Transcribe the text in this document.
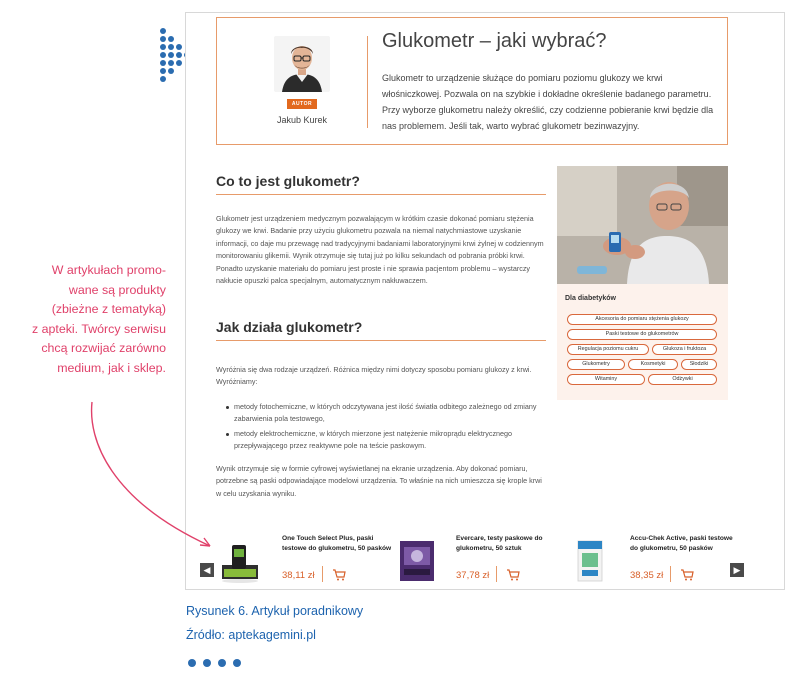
AUTOR
Jakub Kurek
Glukometr – jaki wybrać?
Glukometr to urządzenie służące do pomiaru poziomu glukozy we krwi włośniczkowej. Pozwala on na szybkie i dokładne określenie badanego parametru. Przy wyborze glukometru należy określić, czy codzienne pobieranie krwi będzie dla nas problemem. Jeśli tak, warto wybrać glukometr bezinwazyjny.
Co to jest glukometr?
Glukometr jest urządzeniem medycznym pozwalającym w krótkim czasie dokonać pomiaru stężenia glukozy we krwi. Badanie przy użyciu glukometru pozwala na niemal natychmiastowe uzyskanie informacji, co daje mu przewagę nad tradycyjnymi badaniami laboratoryjnymi krwi żylnej w codziennym monitorowaniu glikemii. Wynik otrzymuje się tutaj już po kilku sekundach od pobrania próbki krwi. Ponadto uzyskanie materiału do pomiaru jest proste i nie sprawia pacjentom problemu – wystarczy nakłucie opuszki palca specjalnym, automatycznym nakłuwaczem.
Jak działa glukometr?
Wyróżnia się dwa rodzaje urządzeń. Różnica między nimi dotyczy sposobu pomiaru glukozy z krwi. Wyróżniamy:
metody fotochemiczne, w których odczytywana jest ilość światła odbitego zależnego od zmiany zabarwienia pola testowego,
metody elektrochemiczne, w których mierzone jest natężenie mikroprądu elektrycznego przepływającego przez reaktywne pole na teście paskowym.
Wynik otrzymuje się w formie cyfrowej wyświetlanej na ekranie urządzenia. Aby dokonać pomiaru, potrzebne są paski odpowiadające modelowi urządzenia. To właśnie na nich umieszcza się krople krwi w celu uzyskania wyniku.
Dla diabetyków
Akcesoria do pomiaru stężenia glukozy
Paski testowe do glukometrów
Regulacja poziomu cukru	Glukoza i fruktoza
Glukometry	Kosmetyki	Słodziki
Witaminy	Odżywki
◀	▶
One Touch Select Plus, paski testowe do glukometru, 50 pasków
38,11 zł
Evercare, testy paskowe do glukometru, 50 sztuk
37,78 zł
Accu-Chek Active, paski testowe do glukometru, 50 pasków
38,35 zł
W artykułach promo-
wane są produkty
(zbieżne z tematyką)
z apteki. Twórcy serwisu
chcą rozwijać zarówno
medium, jak i sklep.
Rysunek 6. Artykuł poradnikowy
Źródło: aptekagemini.pl
